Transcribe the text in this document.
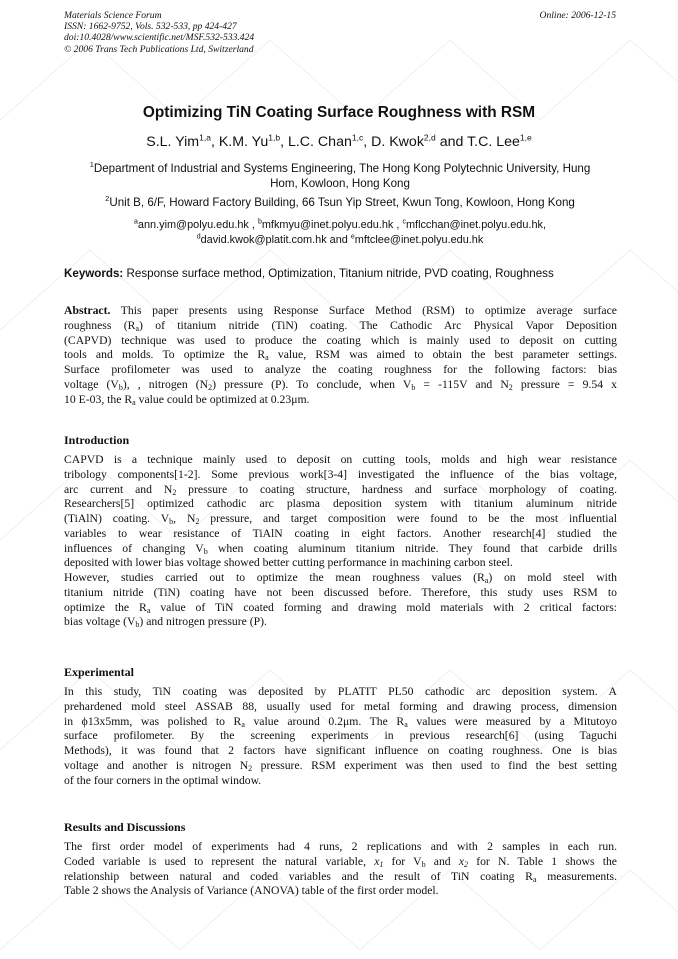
Materials Science Forum
ISSN: 1662-9752, Vols. 532-533, pp 424-427
doi:10.4028/www.scientific.net/MSF.532-533.424
© 2006 Trans Tech Publications Ltd, Switzerland
Online: 2006-12-15
Optimizing TiN Coating Surface Roughness with RSM
S.L. Yim$^{1,a}$, K.M. Yu$^{1,b}$, L.C. Chan$^{1,c}$, D. Kwok$^{2,d}$ and T.C. Lee$^{1,e}$
$^1$Department of Industrial and Systems Engineering, The Hong Kong Polytechnic University, Hung
Hom, Kowloon, Hong Kong
$^2$Unit B, 6/F, Howard Factory Building, 66 Tsun Yip Street, Kwun Tong, Kowloon, Hong Kong
$^a$ann.yim@polyu.edu.hk , $^b$mfkmyu@inet.polyu.edu.hk , $^c$mflcchan@inet.polyu.edu.hk,
$^d$david.kwok@platit.com.hk and $^e$mftclee@inet.polyu.edu.hk
Keywords: Response surface method, Optimization, Titanium nitride, PVD coating, Roughness
Abstract. This paper presents using Response Surface Method (RSM) to optimize average surface
roughness $(R_a)$ of titanium nitride (TiN) coating. The Cathodic Arc Physical Vapor Deposition
(CAPVD) technique was used to produce the coating which is mainly used to deposit on cutting
tools and molds. To optimize the $R_a$ value, RSM was aimed to obtain the best parameter settings.
Surface profilometer was used to analyze the coating roughness for the following factors: bias
voltage $(V_b)$, , nitrogen $(N_2)$ pressure (P). To conclude, when $V_b = -115V$ and $N_2$ pressure = 9.54 x
10 E-03, the $R_a$ value could be optimized at 0.23μm.
Introduction
CAPVD is a technique mainly used to deposit on cutting tools, molds and high wear resistance
tribology components[1-2]. Some previous work[3-4] investigated the influence of the bias voltage,
arc current and $N_2$ pressure to coating structure, hardness and surface morphology of coating.
Researchers[5] optimized cathodic arc plasma deposition system with titanium aluminum nitride
(TiAlN) coating. $V_b$, $N_2$ pressure, and target composition were found to be the most influential
variables to wear resistance of TiAlN coating in eight factors. Another research[4] studied the
influences of changing $V_b$ when coating aluminum titanium nitride. They found that carbide drills
deposited with lower bias voltage showed better cutting performance in machining carbon steel.
However, studies carried out to optimize the mean roughness values $(R_a)$ on mold steel with
titanium nitride (TiN) coating have not been discussed before. Therefore, this study uses RSM to
optimize the $R_a$ value of TiN coated forming and drawing mold materials with 2 critical factors:
bias voltage $(V_b)$ and nitrogen pressure (P).
Experimental
In this study, TiN coating was deposited by PLATIT PL50 cathodic arc deposition system. A
prehardened mold steel ASSAB 88, usually used for metal forming and drawing process, dimension
in ϕ13x5mm, was polished to $R_a$ value around 0.2μm. The $R_a$ values were measured by a Mitutoyo
surface profilometer. By the screening experiments in previous research[6] (using Taguchi
Methods), it was found that 2 factors have significant influence on coating roughness. One is bias
voltage and another is nitrogen $N_2$ pressure. RSM experiment was then used to find the best setting
of the four corners in the optimal window.
Results and Discussions
The first order model of experiments had 4 runs, 2 replications and with 2 samples in each run.
Coded variable is used to represent the natural variable, $x_1$ for $V_b$ and $x_2$ for N. Table 1 shows the
relationship between natural and coded variables and the result of TiN coating $R_a$ measurements.
Table 2 shows the Analysis of Variance (ANOVA) table of the first order model.
